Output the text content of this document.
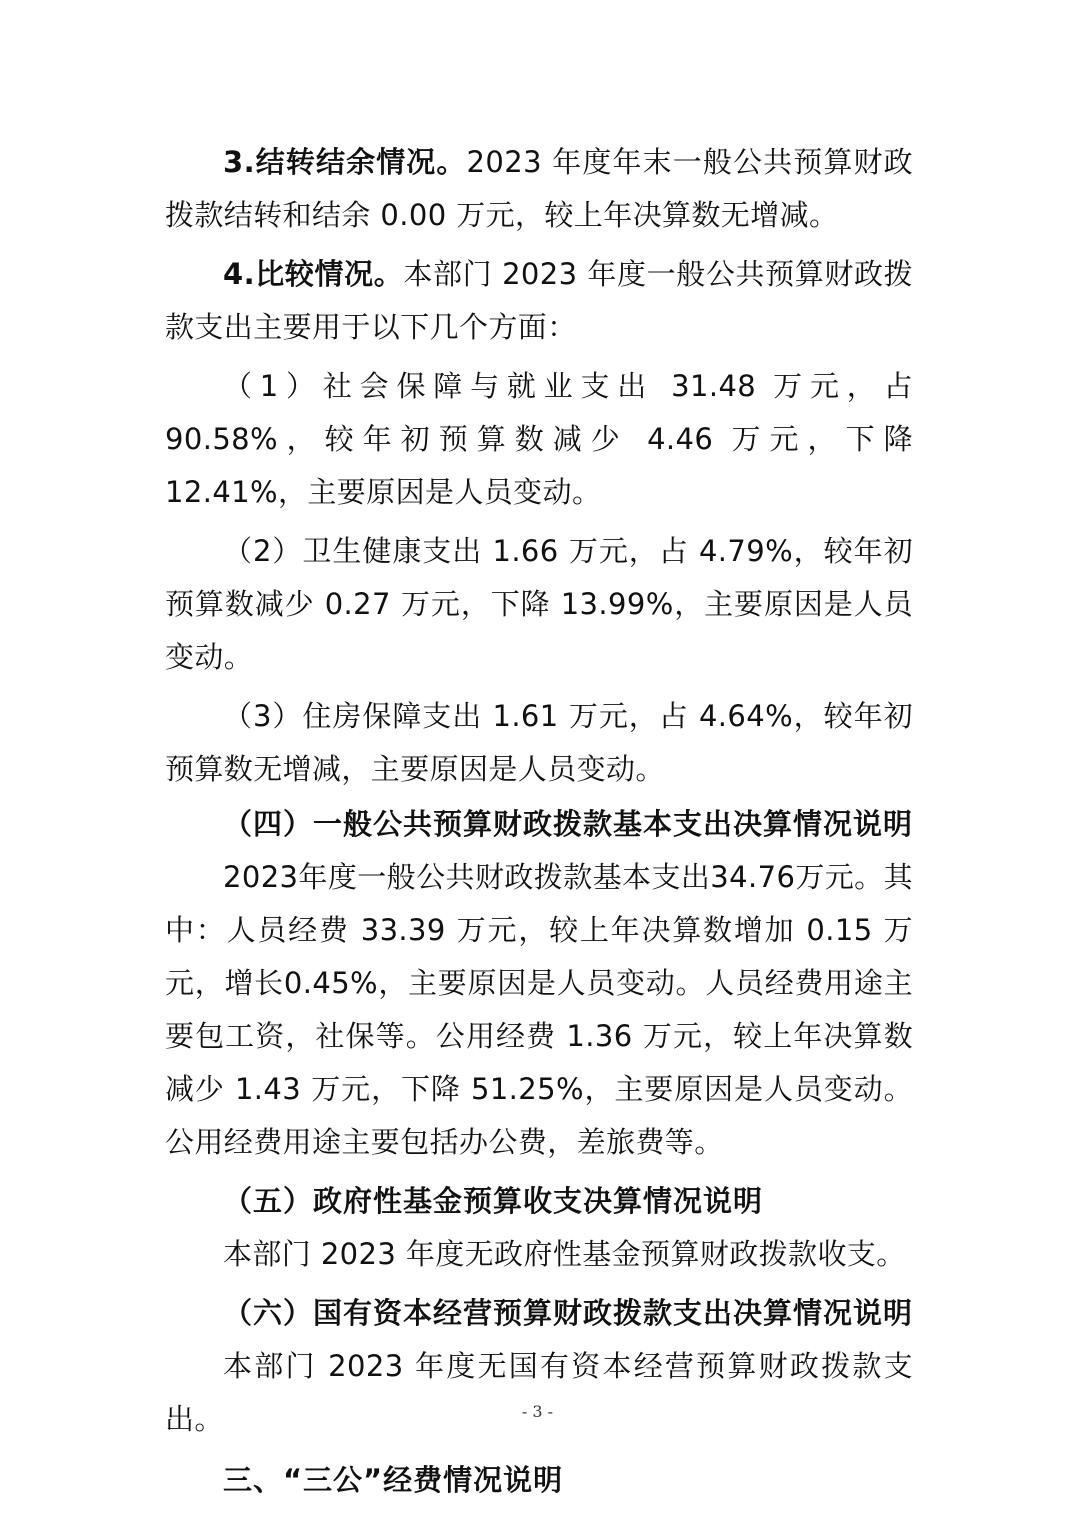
3.结转结余情况。2023 年度年末一般公共预算财政拨款结转和结余 0.00 万元，较上年决算数无增减。

4.比较情况。本部门 2023 年度一般公共预算财政拨款支出主要用于以下几个方面：

（1）社会保障与就业支出 31.48 万元，占 90.58%，较年初预算数减少 4.46 万元，下降 12.41%，主要原因是人员变动。

（2）卫生健康支出 1.66 万元，占 4.79%，较年初预算数减少 0.27 万元，下降 13.99%，主要原因是人员变动。

（3）住房保障支出 1.61 万元，占 4.64%，较年初预算数无增减，主要原因是人员变动。

（四）一般公共预算财政拨款基本支出决算情况说明

2023年度一般公共财政拨款基本支出34.76万元。其中：人员经费 33.39 万元，较上年决算数增加 0.15 万元，增长0.45%，主要原因是人员变动。人员经费用途主要包工资，社保等。公用经费 1.36 万元，较上年决算数减少 1.43 万元，下降 51.25%，主要原因是人员变动。公用经费用途主要包括办公费，差旅费等。

（五）政府性基金预算收支决算情况说明

本部门 2023 年度无政府性基金预算财政拨款收支。

（六）国有资本经营预算财政拨款支出决算情况说明

本部门 2023 年度无国有资本经营预算财政拨款支出。

三、“三公”经费情况说明

- 3 -
